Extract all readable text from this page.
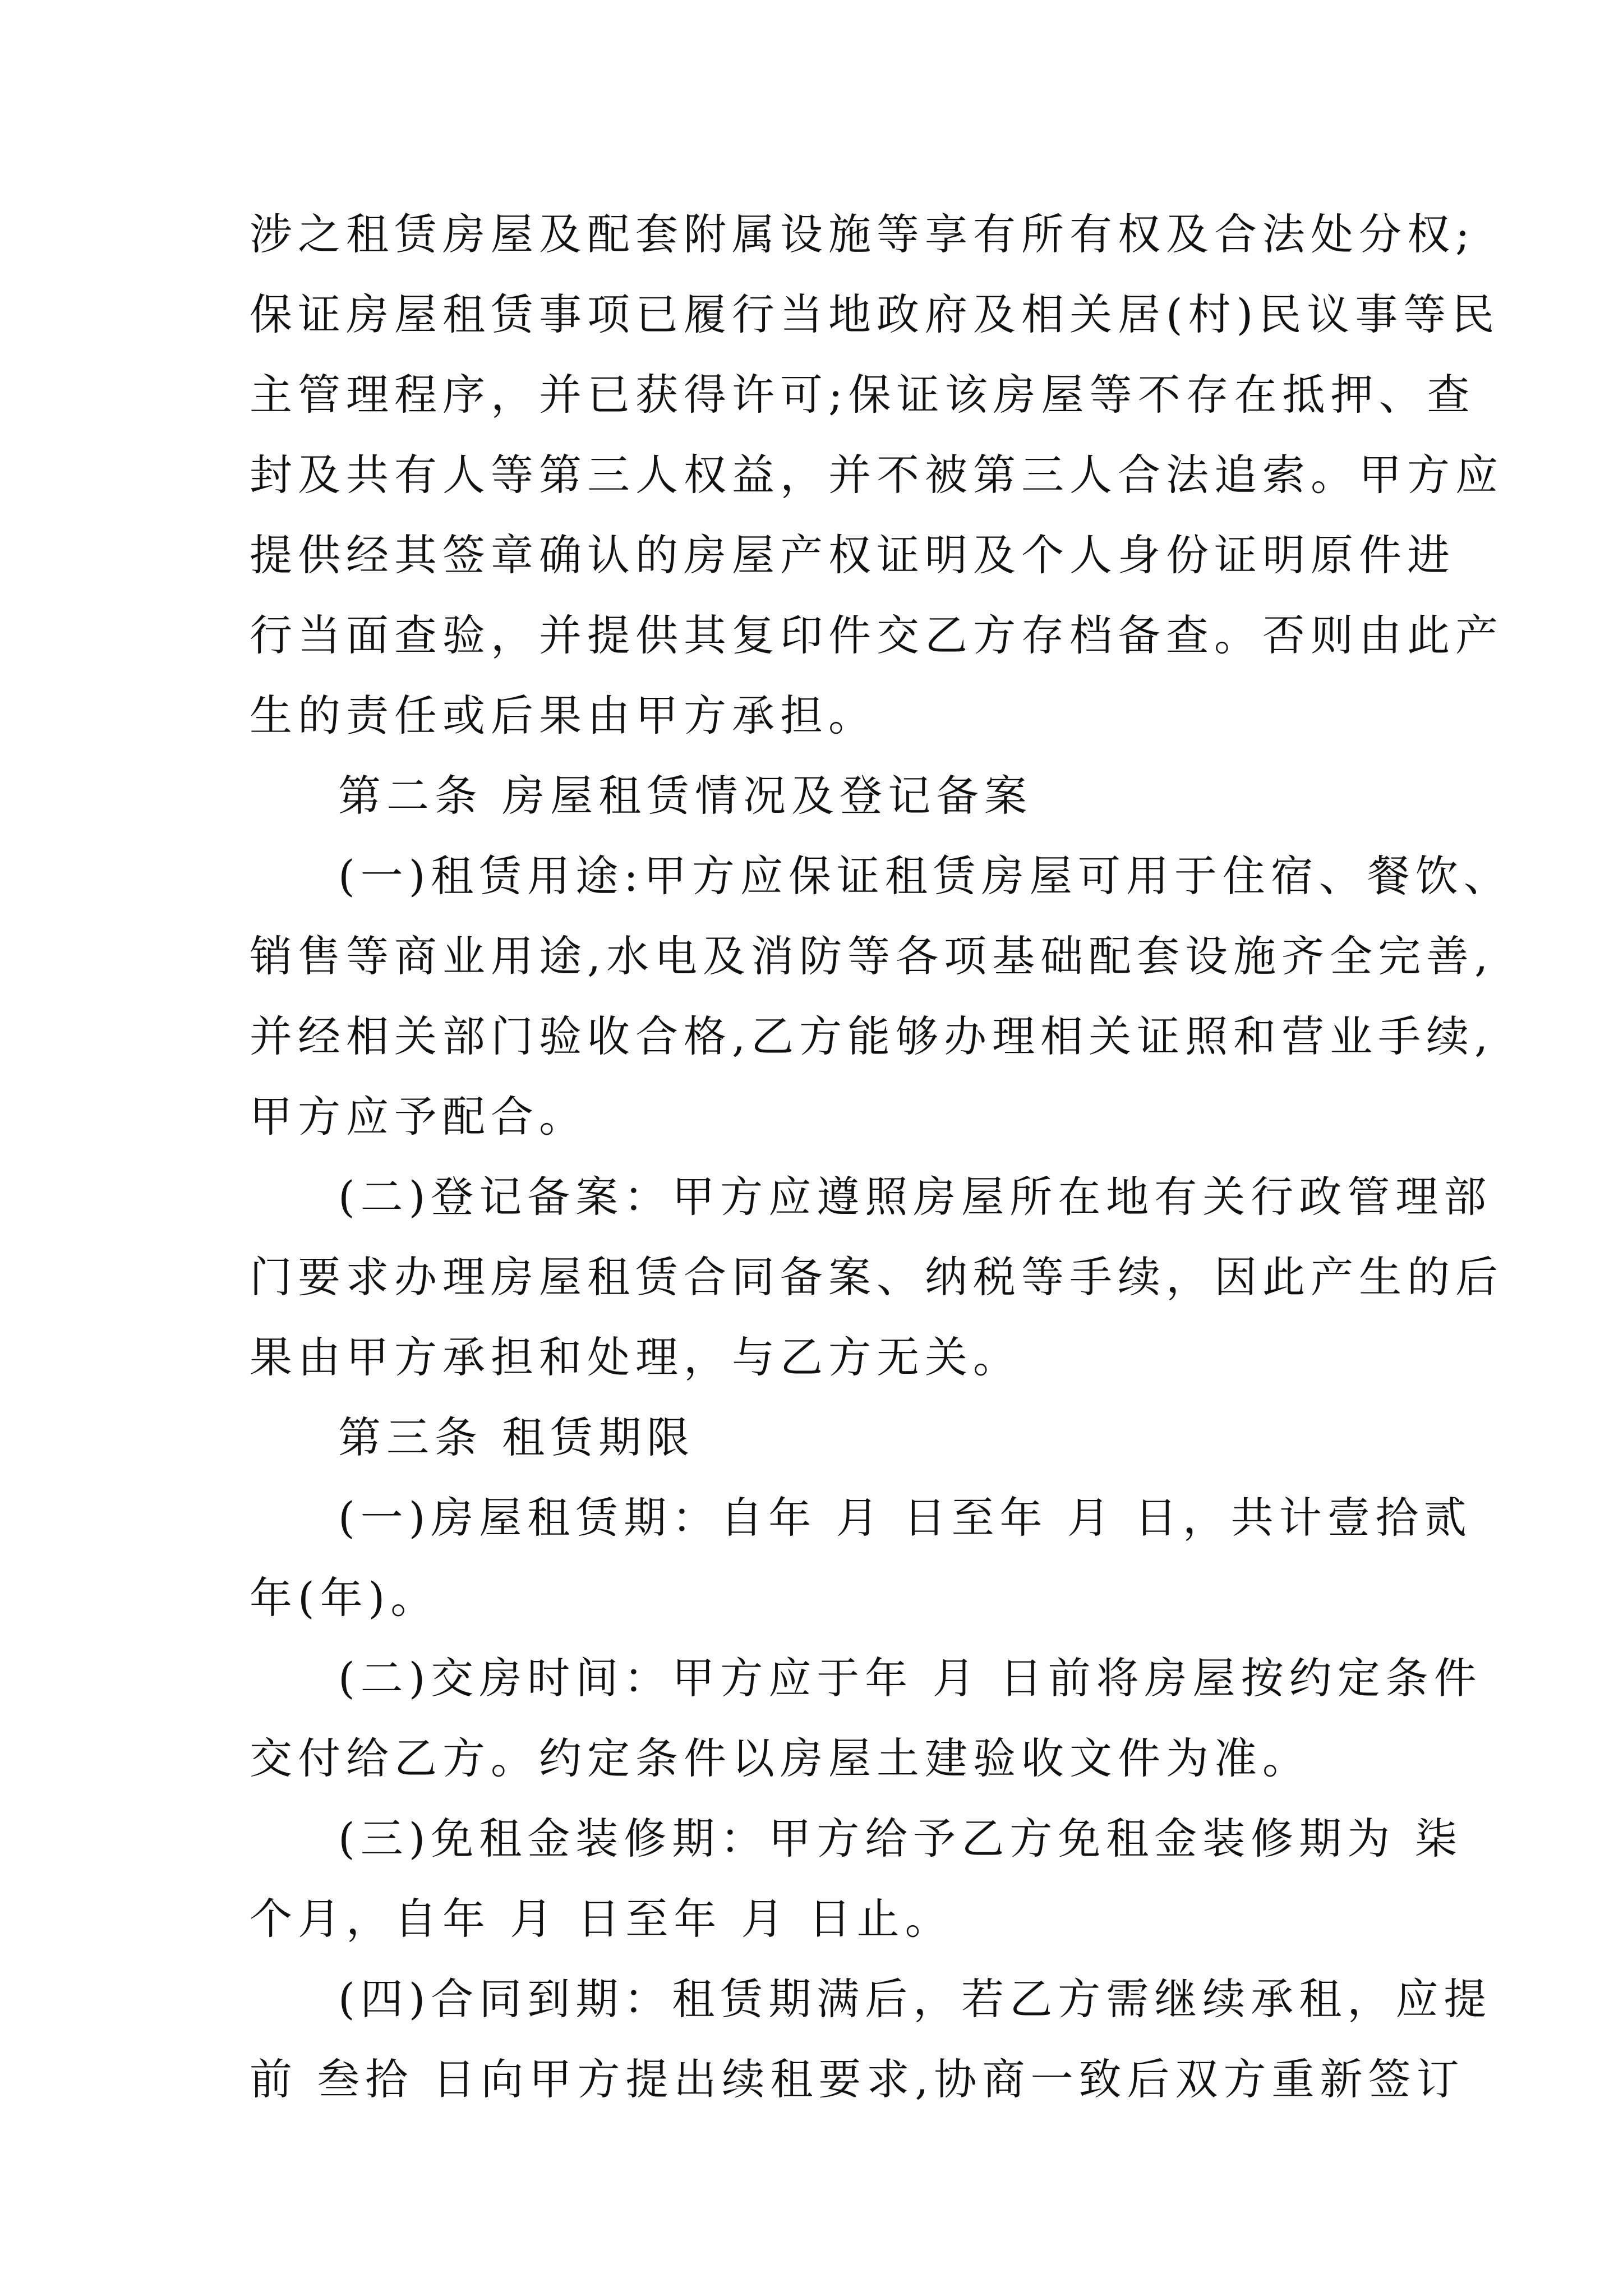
涉之租赁房屋及配套附属设施等享有所有权及合法处分权;
保证房屋租赁事项已履行当地政府及相关居(村)民议事等民
主管理程序，并已获得许可;保证该房屋等不存在抵押、查
封及共有人等第三人权益，并不被第三人合法追索。甲方应
提供经其签章确认的房屋产权证明及个人身份证明原件进
行当面查验，并提供其复印件交乙方存档备查。否则由此产
生的责任或后果由甲方承担。
第二条 房屋租赁情况及登记备案
(一)租赁用途:甲方应保证租赁房屋可用于住宿、餐饮、
销售等商业用途,水电及消防等各项基础配套设施齐全完善,
并经相关部门验收合格,乙方能够办理相关证照和营业手续,
甲方应予配合。
(二)登记备案：甲方应遵照房屋所在地有关行政管理部
门要求办理房屋租赁合同备案、纳税等手续，因此产生的后
果由甲方承担和处理，与乙方无关。
第三条 租赁期限
(一)房屋租赁期：自年 月 日至年 月 日，共计壹拾贰
年(年)。
(二)交房时间：甲方应于年 月 日前将房屋按约定条件
交付给乙方。约定条件以房屋土建验收文件为准。
(三)免租金装修期：甲方给予乙方免租金装修期为 柒
个月，自年 月 日至年 月 日止。
(四)合同到期：租赁期满后，若乙方需继续承租，应提
前 叁拾 日向甲方提出续租要求,协商一致后双方重新签订
